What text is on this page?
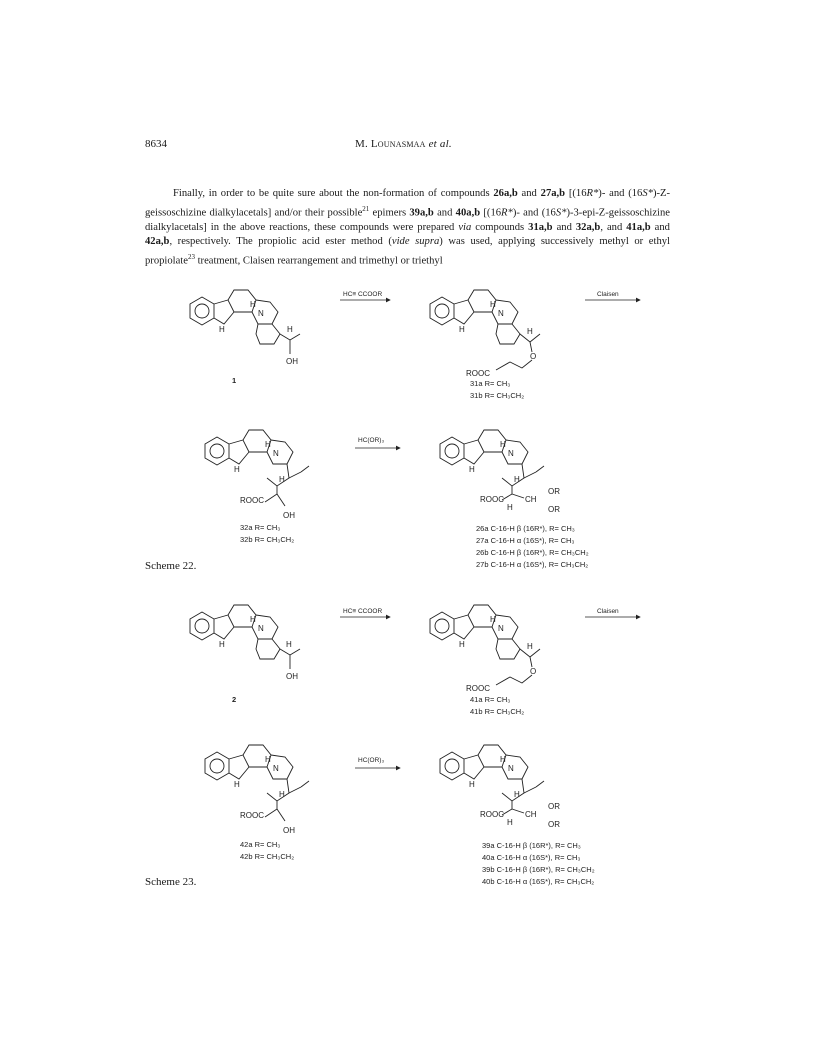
8634	M. Lounasmaa et al.

Finally, in order to be quite sure about the non-formation of compounds 26a,b and 27a,b [(16R*)- and (16S*)-Z-geissoschizine dialkylacetals] and/or their possible$^{21}$ epimers 39a,b and 40a,b [(16R*)- and (16S*)-3-epi-Z-geissoschizine dialkylacetals] in the above reactions, these compounds were prepared via compounds 31a,b and 32a,b, and 41a,b and 42a,b, respectively. The propiolic acid ester method (vide supra) was used, applying successively methyl or ethyl propiolate$^{23}$ treatment, Claisen rearrangement and trimethyl or triethyl

H
H
N
H
OH
HC≡ CCOOR
H
H
N
H
O
ROOC
Claisen
1	31a R= CH₃
31b R= CH₃CH₂
H
H
N
H
ROOC
OH
HC(OR)₃
H
H
N
H
ROOC	CH
H
OR
OR
32a R= CH₃
32b R= CH₃CH₂
26a C-16-H β (16R*), R= CH₃
27a C-16-H α (16S*), R= CH₃
26b C-16-H β (16R*), R= CH₃CH₂
27b C-16-H α (16S*), R= CH₃CH₂
H
H
N
H
OH
HC≡ CCOOR
H
H
N
H
O
ROOC
Claisen
2	41a R= CH₃
41b R= CH₃CH₂
H
H
N
H
ROOC
OH
HC(OR)₃
H
H
N
H
ROOC	CH
H
OR
OR
42a R= CH₃
42b R= CH₃CH₂
39a C-16-H β (16R*), R= CH₃
40a C-16-H α (16S*), R= CH₃
39b C-16-H β (16R*), R= CH₃CH₂
40b C-16-H α (16S*), R= CH₃CH₂
Scheme 22.
Scheme 23.
